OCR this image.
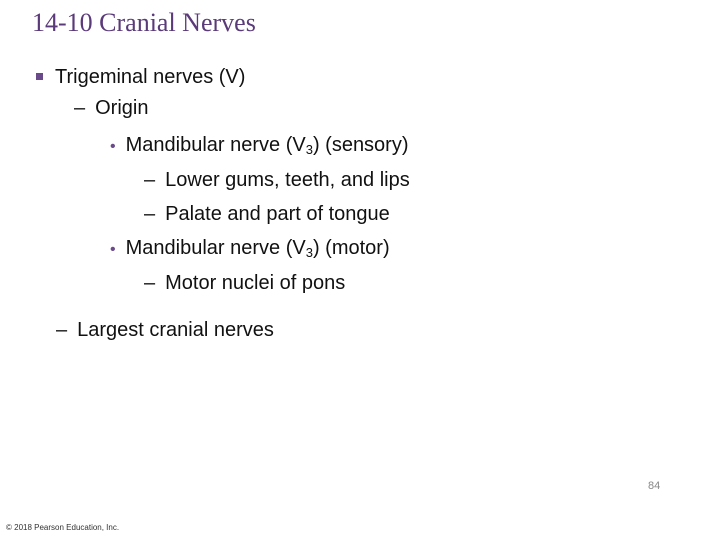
14-10 Cranial Nerves
Trigeminal nerves (V)
– Origin
• Mandibular nerve $(V_3)$ (sensory)
– Lower gums, teeth, and lips
– Palate and part of tongue
• Mandibular nerve $(V_3)$ (motor)
– Motor nuclei of pons
– Largest cranial nerves
84
© 2018 Pearson Education, Inc.
